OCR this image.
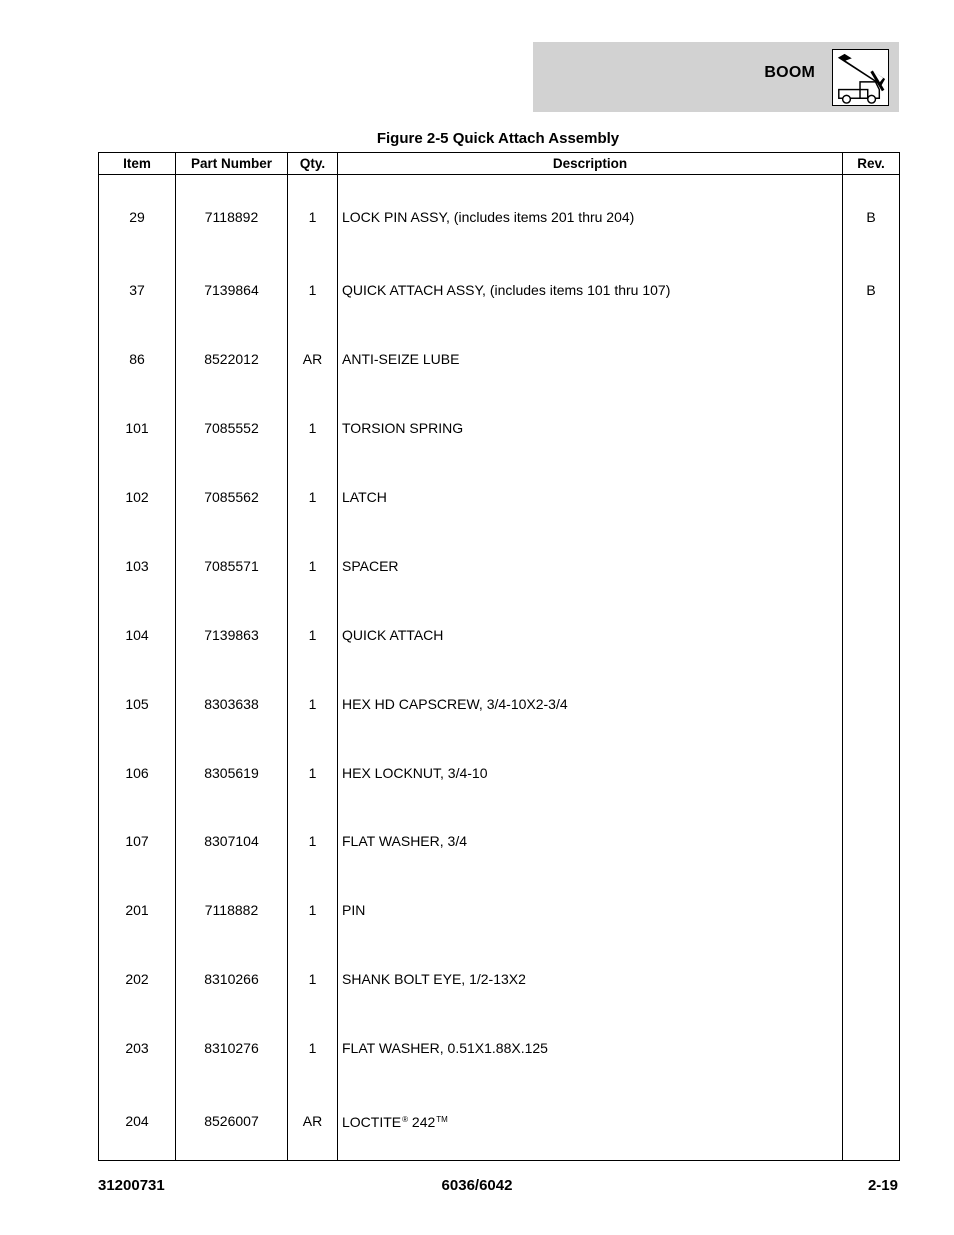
BOOM
Figure 2-5 Quick Attach Assembly
Item	Part Number	Qty.	Description	Rev.
29	7118892	1	LOCK PIN ASSY, (includes items 201 thru 204)	B
37	7139864	1	QUICK ATTACH ASSY, (includes items 101 thru 107)	B
86	8522012	AR	ANTI-SEIZE LUBE	
101	7085552	1	TORSION SPRING	
102	7085562	1	LATCH	
103	7085571	1	SPACER	
104	7139863	1	QUICK ATTACH	
105	8303638	1	HEX HD CAPSCREW, 3/4-10X2-3/4	
106	8305619	1	HEX LOCKNUT, 3/4-10	
107	8307104	1	FLAT WASHER, 3/4	
201	7118882	1	PIN	
202	8310266	1	SHANK BOLT EYE, 1/2-13X2	
203	8310276	1	FLAT WASHER, 0.51X1.88X.125	
204	8526007	AR	LOCTITE® 242™	

31200731	6036/6042	2-19
